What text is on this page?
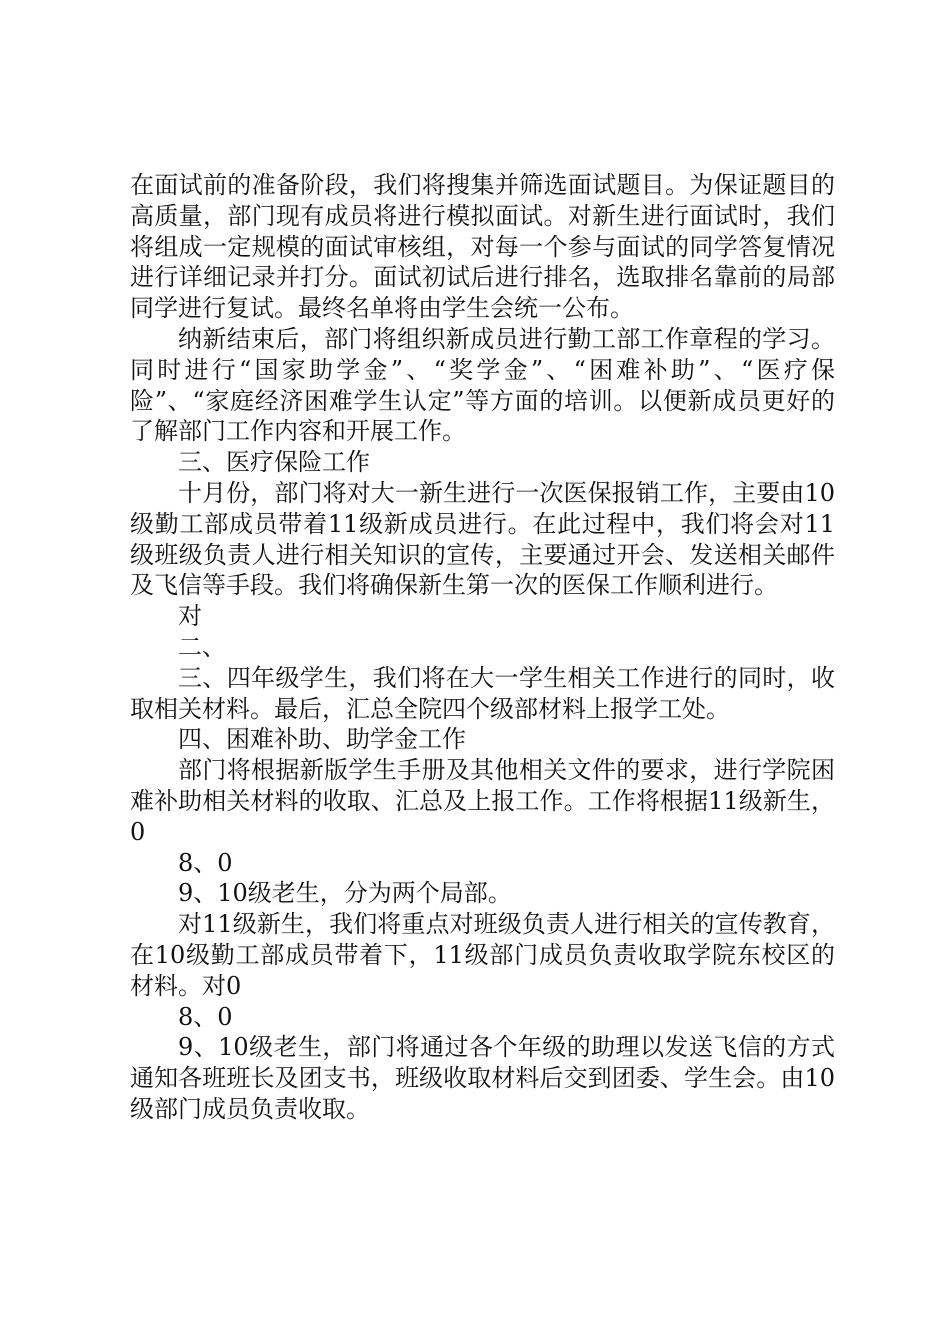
在面试前的准备阶段，我们将搜集并筛选面试题目。为保证题目的高质量，部门现有成员将进行模拟面试。对新生进行面试时，我们将组成一定规模的面试审核组，对每一个参与面试的同学答复情况进行详细记录并打分。面试初试后进行排名，选取排名靠前的局部同学进行复试。最终名单将由学生会统一公布。

纳新结束后，部门将组织新成员进行勤工部工作章程的学习。同时进行“国家助学金”、“奖学金”、“困难补助”、“医疗保险”、“家庭经济困难学生认定”等方面的培训。以便新成员更好的了解部门工作内容和开展工作。

三、医疗保险工作

十月份，部门将对大一新生进行一次医保报销工作，主要由10级勤工部成员带着11级新成员进行。在此过程中，我们将会对11级班级负责人进行相关知识的宣传，主要通过开会、发送相关邮件及飞信等手段。我们将确保新生第一次的医保工作顺利进行。

对

二、

三、四年级学生，我们将在大一学生相关工作进行的同时，收取相关材料。最后，汇总全院四个级部材料上报学工处。

四、困难补助、助学金工作

部门将根据新版学生手册及其他相关文件的要求，进行学院困难补助相关材料的收取、汇总及上报工作。工作将根据11级新生，0

8、0

9、10级老生，分为两个局部。

对11级新生，我们将重点对班级负责人进行相关的宣传教育，在10级勤工部成员带着下，11级部门成员负责收取学院东校区的材料。对0

8、0

9、10级老生，部门将通过各个年级的助理以发送飞信的方式通知各班班长及团支书，班级收取材料后交到团委、学生会。由10级部门成员负责收取。
